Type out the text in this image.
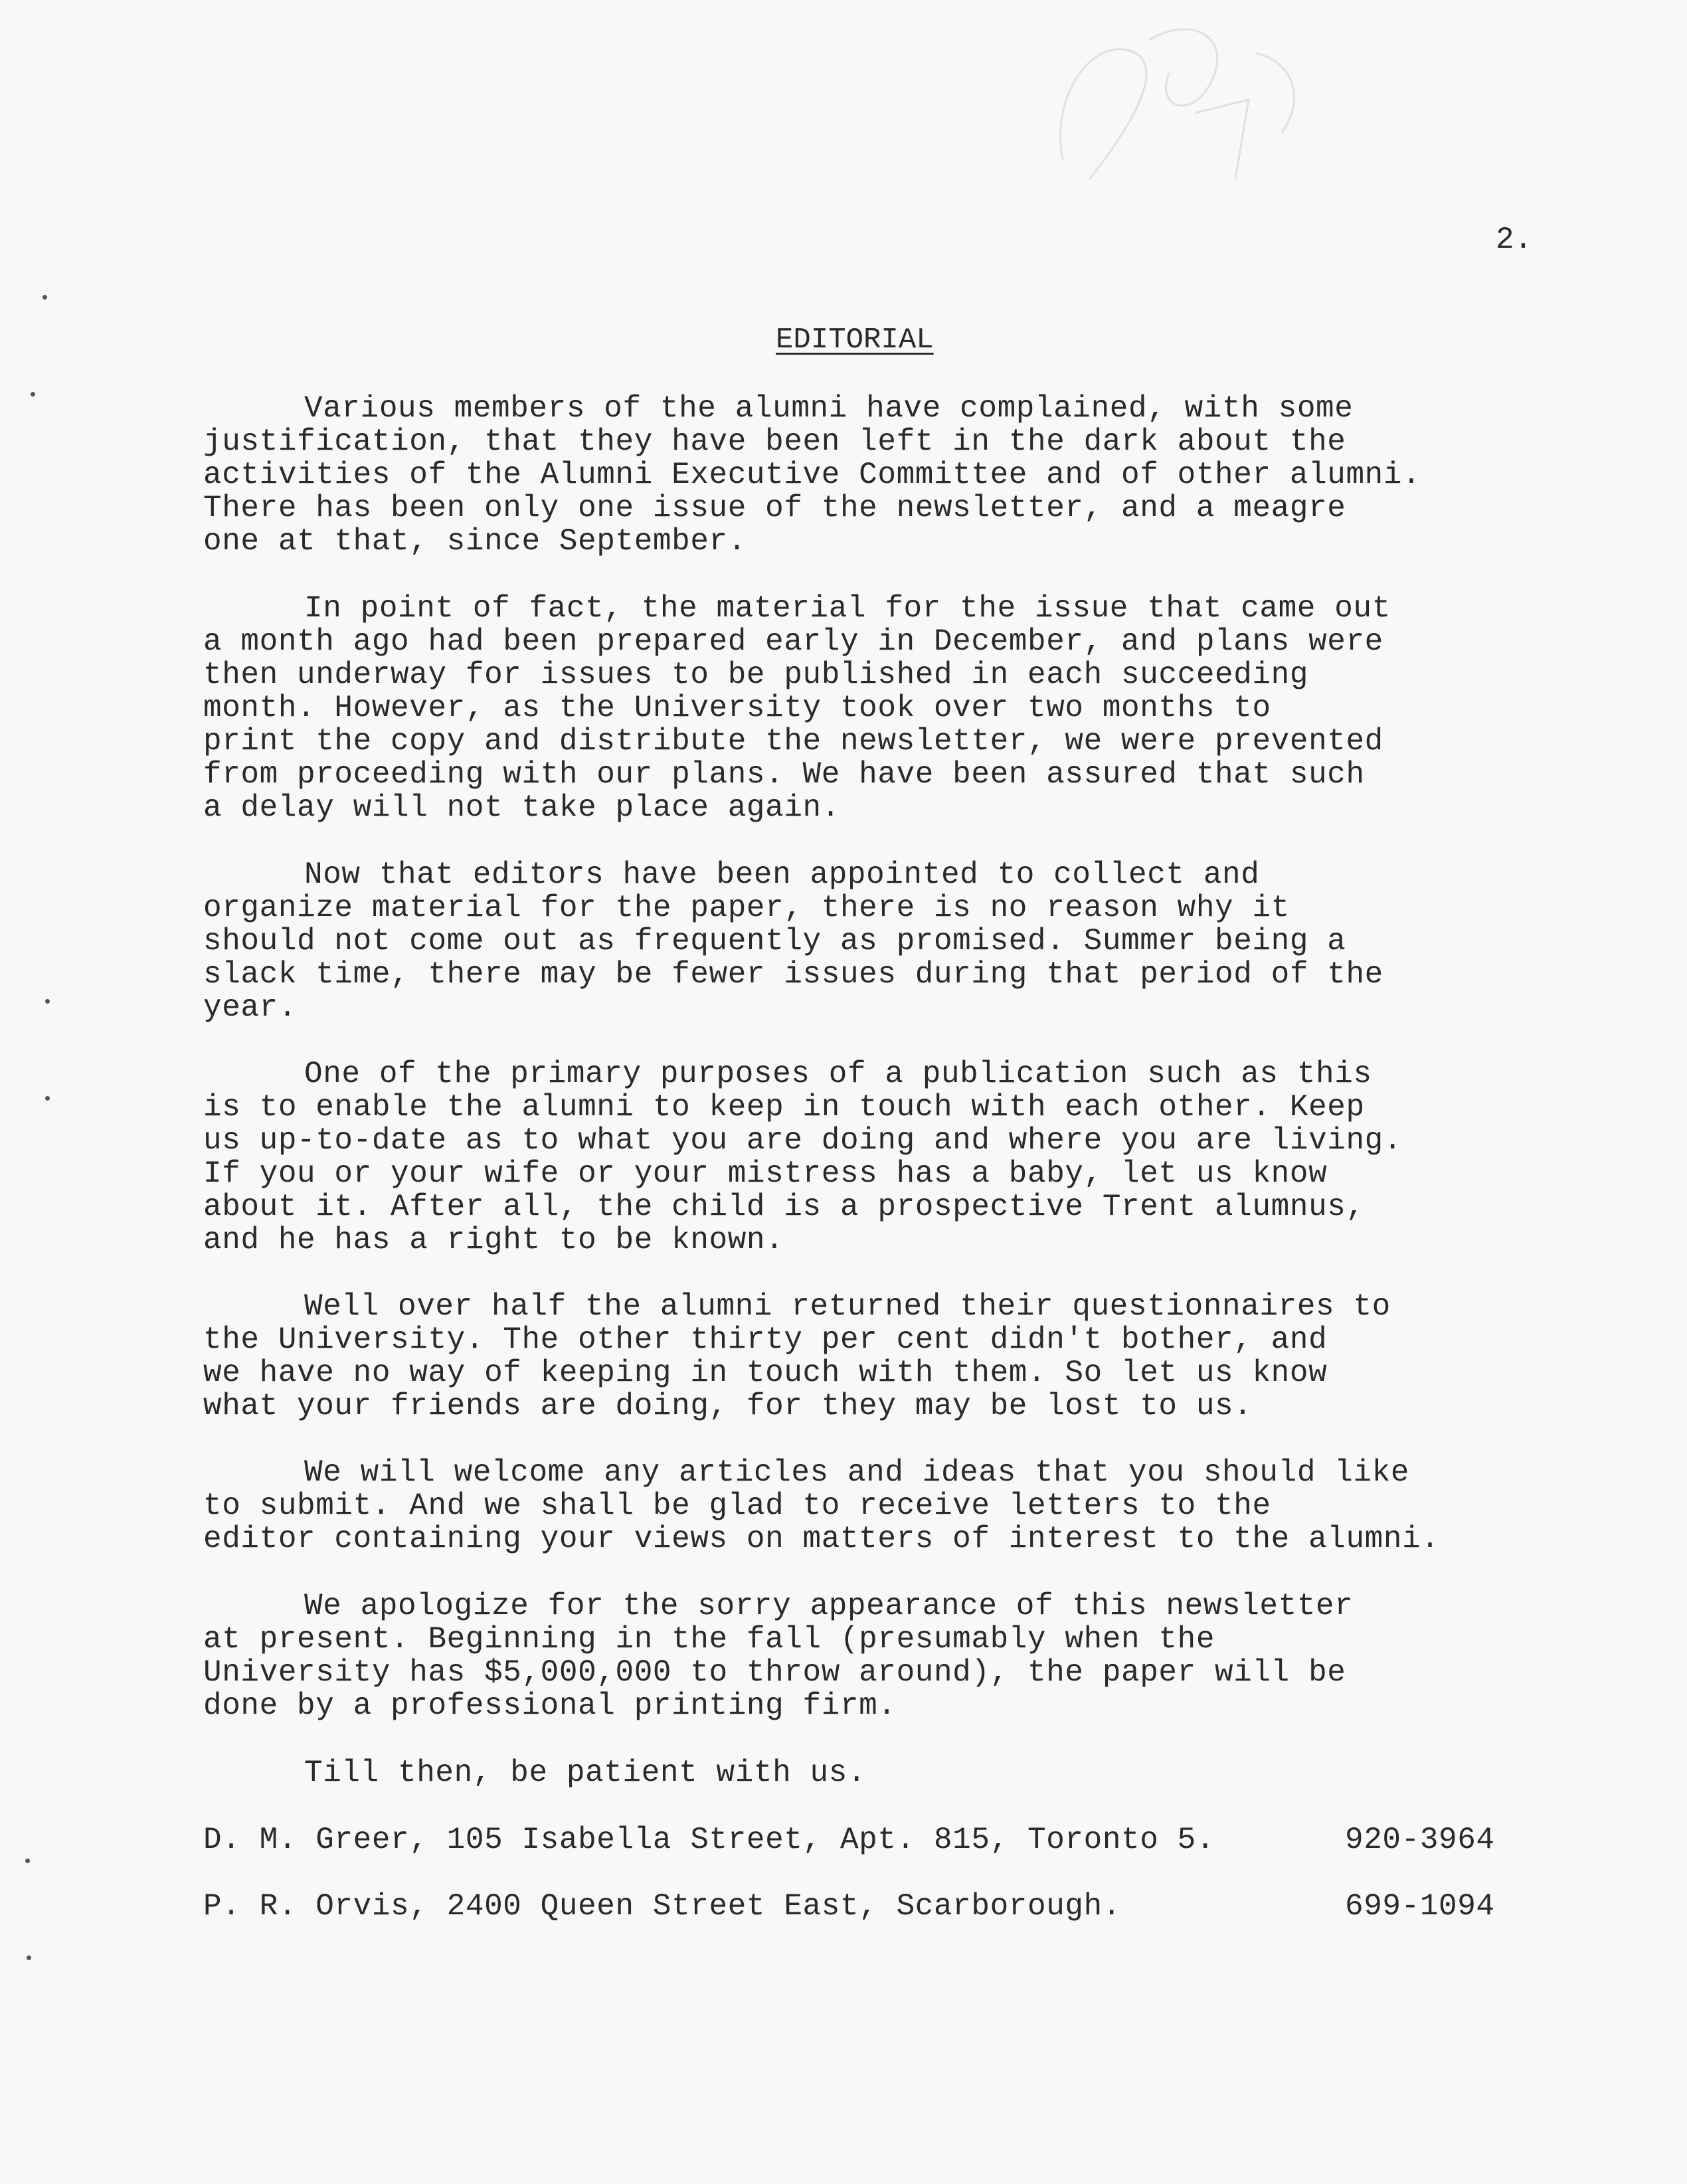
2.
EDITORIAL
Various members of the alumni have complained, with some
justification, that they have been left in the dark about the
activities of the Alumni Executive Committee and of other alumni.
There has been only one issue of the newsletter, and a meagre
one at that, since September.
In point of fact, the material for the issue that came out
a month ago had been prepared early in December, and plans were
then underway for issues to be published in each succeeding
month. However, as the University took over two months to
print the copy and distribute the newsletter, we were prevented
from proceeding with our plans. We have been assured that such
a delay will not take place again.
Now that editors have been appointed to collect and
organize material for the paper, there is no reason why it
should not come out as frequently as promised. Summer being a
slack time, there may be fewer issues during that period of the
year.
One of the primary purposes of a publication such as this
is to enable the alumni to keep in touch with each other. Keep
us up-to-date as to what you are doing and where you are living.
If you or your wife or your mistress has a baby, let us know
about it. After all, the child is a prospective Trent alumnus,
and he has a right to be known.
Well over half the alumni returned their questionnaires to
the University. The other thirty per cent didn't bother, and
we have no way of keeping in touch with them. So let us know
what your friends are doing, for they may be lost to us.
We will welcome any articles and ideas that you should like
to submit. And we shall be glad to receive letters to the
editor containing your views on matters of interest to the alumni.
We apologize for the sorry appearance of this newsletter
at present. Beginning in the fall (presumably when the
University has $5,000,000 to throw around), the paper will be
done by a professional printing firm.
Till then, be patient with us.
D. M. Greer, 105 Isabella Street, Apt. 815, Toronto 5.	920-3964
P. R. Orvis, 2400 Queen Street East, Scarborough.	699-1094
